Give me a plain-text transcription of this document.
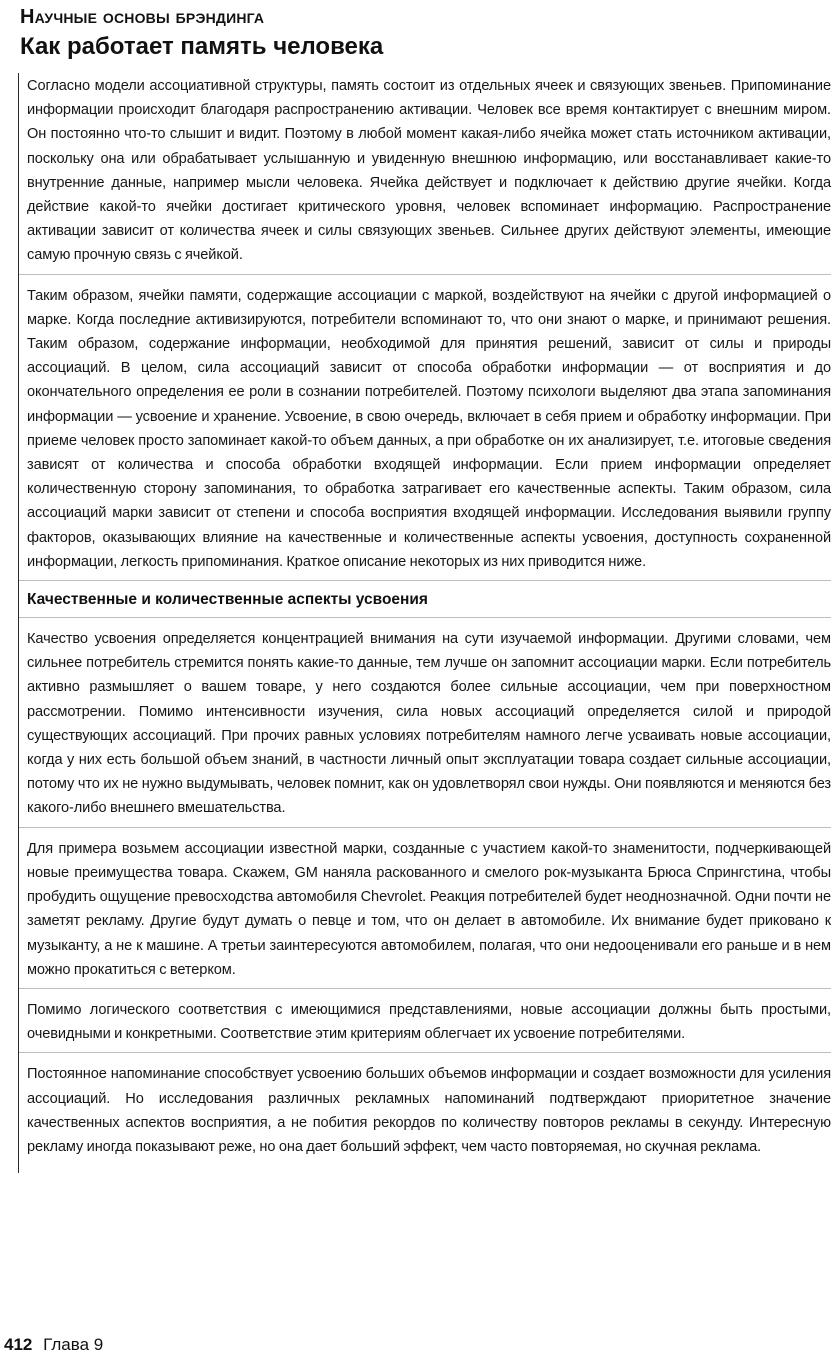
Научные основы брэндинга
Как работает память человека

Согласно модели ассоциативной структуры, память состоит из отдельных ячеек и связующих звеньев. Припоминание информации происходит благодаря распространению активации. Человек все время контактирует с внешним миром. Он постоянно что-то слышит и видит. Поэтому в любой момент какая-либо ячейка может стать источником активации, поскольку она или обрабатывает услышанную и увиденную внешнюю информацию, или восстанавливает какие-то внутренние данные, например мысли человека. Ячейка действует и подключает к действию другие ячейки. Когда действие какой-то ячейки достигает критического уровня, человек вспоминает информацию. Распространение активации зависит от количества ячеек и силы связующих звеньев. Сильнее других действуют элементы, имеющие самую прочную связь с ячейкой.

Таким образом, ячейки памяти, содержащие ассоциации с маркой, воздействуют на ячейки с другой информацией о марке. Когда последние активизируются, потребители вспоминают то, что они знают о марке, и принимают решения. Таким образом, содержание информации, необходимой для принятия решений, зависит от силы и природы ассоциаций. В целом, сила ассоциаций зависит от способа обработки информации — от восприятия и до окончательного определения ее роли в сознании потребителей. Поэтому психологи выделяют два этапа запоминания информации — усвоение и хранение. Усвоение, в свою очередь, включает в себя прием и обработку информации. При приеме человек просто запоминает какой-то объем данных, а при обработке он их анализирует, т.е. итоговые сведения зависят от количества и способа обработки входящей информации. Если прием информации определяет количественную сторону запоминания, то обработка затрагивает его качественные аспекты. Таким образом, сила ассоциаций марки зависит от степени и способа восприятия входящей информации. Исследования выявили группу факторов, оказывающих влияние на качественные и количественные аспекты усвоения, доступность сохраненной информации, легкость припоминания. Краткое описание некоторых из них приводится ниже.

Качественные и количественные аспекты усвоения

Качество усвоения определяется концентрацией внимания на сути изучаемой информации. Другими словами, чем сильнее потребитель стремится понять какие-то данные, тем лучше он запомнит ассоциации марки. Если потребитель активно размышляет о вашем товаре, у него создаются более сильные ассоциации, чем при поверхностном рассмотрении. Помимо интенсивности изучения, сила новых ассоциаций определяется силой и природой существующих ассоциаций. При прочих равных условиях потребителям намного легче усваивать новые ассоциации, когда у них есть большой объем знаний, в частности личный опыт эксплуатации товара создает сильные ассоциации, потому что их не нужно выдумывать, человек помнит, как он удовлетворял свои нужды. Они появляются и меняются без какого-либо внешнего вмешательства.

Для примера возьмем ассоциации известной марки, созданные с участием какой-то знаменитости, подчеркивающей новые преимущества товара. Скажем, GM наняла раскованного и смелого рок-музыканта Брюса Спрингстина, чтобы пробудить ощущение превосходства автомобиля Chevrolet. Реакция потребителей будет неоднозначной. Одни почти не заметят рекламу. Другие будут думать о певце и том, что он делает в автомобиле. Их внимание будет приковано к музыканту, а не к машине. А третьи заинтересуются автомобилем, полагая, что они недооценивали его раньше и в нем можно прокатиться с ветерком.

Помимо логического соответствия с имеющимися представлениями, новые ассоциации должны быть простыми, очевидными и конкретными. Соответствие этим критериям облегчает их усвоение потребителями.

Постоянное напоминание способствует усвоению больших объемов информации и создает возможности для усиления ассоциаций. Но исследования различных рекламных напоминаний подтверждают приоритетное значение качественных аспектов восприятия, а не побития рекордов по количеству повторов рекламы в секунду. Интересную рекламу иногда показывают реже, но она дает больший эффект, чем часто повторяемая, но скучная реклама.

412 Глава 9
